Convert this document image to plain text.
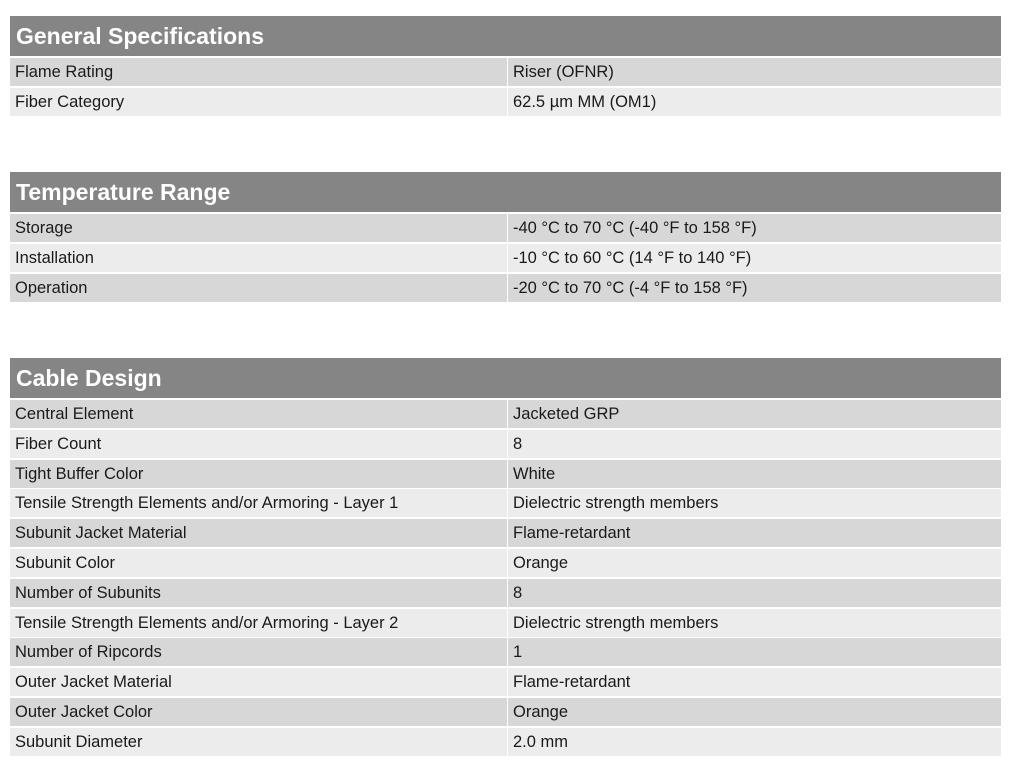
General Specifications
Flame Rating	Riser (OFNR)
Fiber Category	62.5 µm MM (OM1)
Temperature Range
Storage	-40 °C to 70 °C (-40 °F to 158 °F)
Installation	-10 °C to 60 °C (14 °F to 140 °F)
Operation	-20 °C to 70 °C (-4 °F to 158 °F)
Cable Design
Central Element	Jacketed GRP
Fiber Count	8
Tight Buffer Color	White
Tensile Strength Elements and/or Armoring - Layer 1	Dielectric strength members
Subunit Jacket Material	Flame-retardant
Subunit Color	Orange
Number of Subunits	8
Tensile Strength Elements and/or Armoring - Layer 2	Dielectric strength members
Number of Ripcords	1
Outer Jacket Material	Flame-retardant
Outer Jacket Color	Orange
Subunit Diameter	2.0 mm
